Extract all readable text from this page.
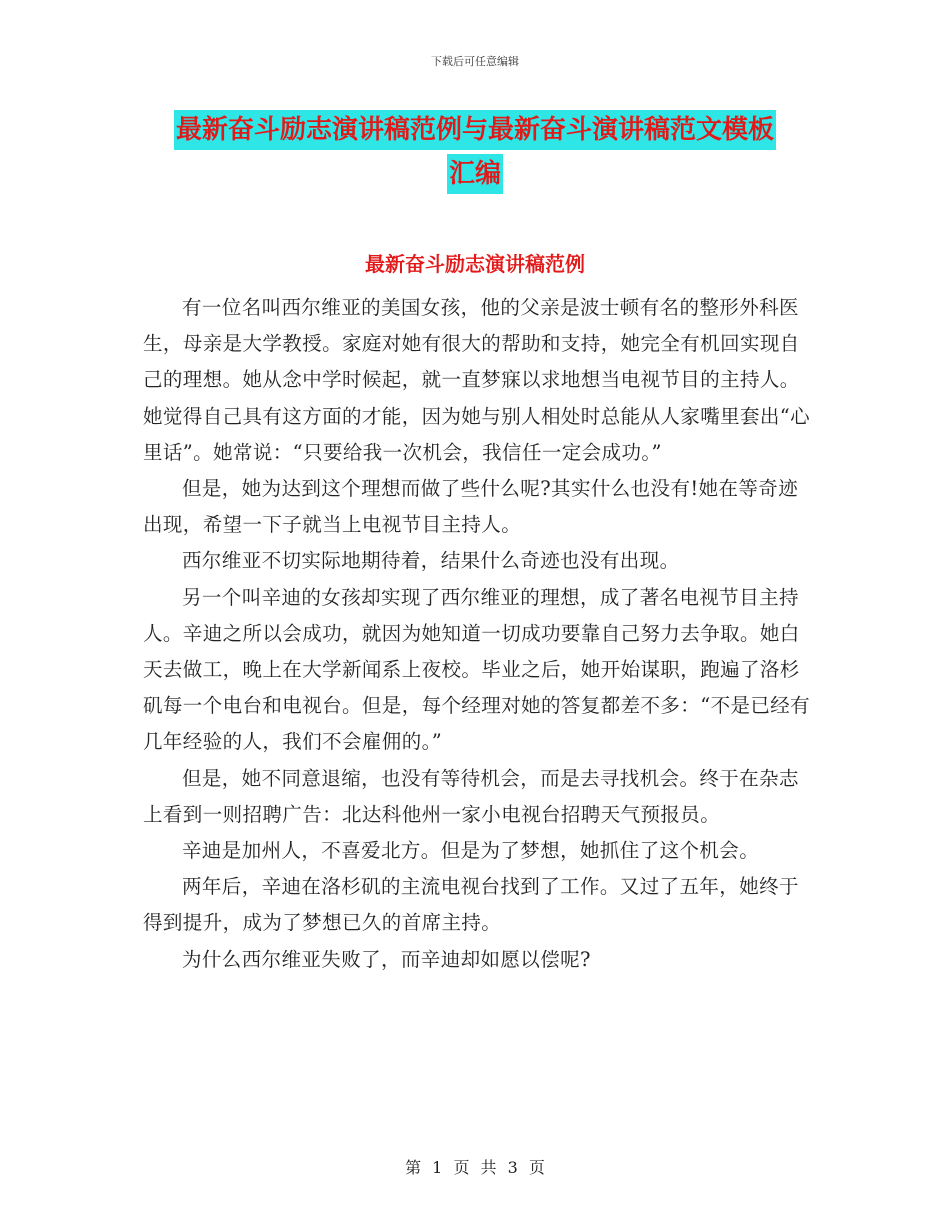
下载后可任意编辑
最新奋斗励志演讲稿范例与最新奋斗演讲稿范文模板
汇编
最新奋斗励志演讲稿范例

有一位名叫西尔维亚的美国女孩，他的父亲是波士顿有名的整形外科医生，母亲是大学教授。家庭对她有很大的帮助和支持，她完全有机回实现自己的理想。她从念中学时候起，就一直梦寐以求地想当电视节目的主持人。她觉得自己具有这方面的才能，因为她与别人相处时总能从人家嘴里套出“心里话”。她常说：“只要给我一次机会，我信任一定会成功。”

但是，她为达到这个理想而做了些什么呢?其实什么也没有!她在等奇迹出现，希望一下子就当上电视节目主持人。

西尔维亚不切实际地期待着，结果什么奇迹也没有出现。

另一个叫辛迪的女孩却实现了西尔维亚的理想，成了著名电视节目主持人。辛迪之所以会成功，就因为她知道一切成功要靠自己努力去争取。她白天去做工，晚上在大学新闻系上夜校。毕业之后，她开始谋职，跑遍了洛杉矶每一个电台和电视台。但是，每个经理对她的答复都差不多：“不是已经有几年经验的人，我们不会雇佣的。”

但是，她不同意退缩，也没有等待机会，而是去寻找机会。终于在杂志上看到一则招聘广告：北达科他州一家小电视台招聘天气预报员。

辛迪是加州人，不喜爱北方。但是为了梦想，她抓住了这个机会。

两年后，辛迪在洛杉矶的主流电视台找到了工作。又过了五年，她终于得到提升，成为了梦想已久的首席主持。

为什么西尔维亚失败了，而辛迪却如愿以偿呢?

第 1 页 共 3 页
